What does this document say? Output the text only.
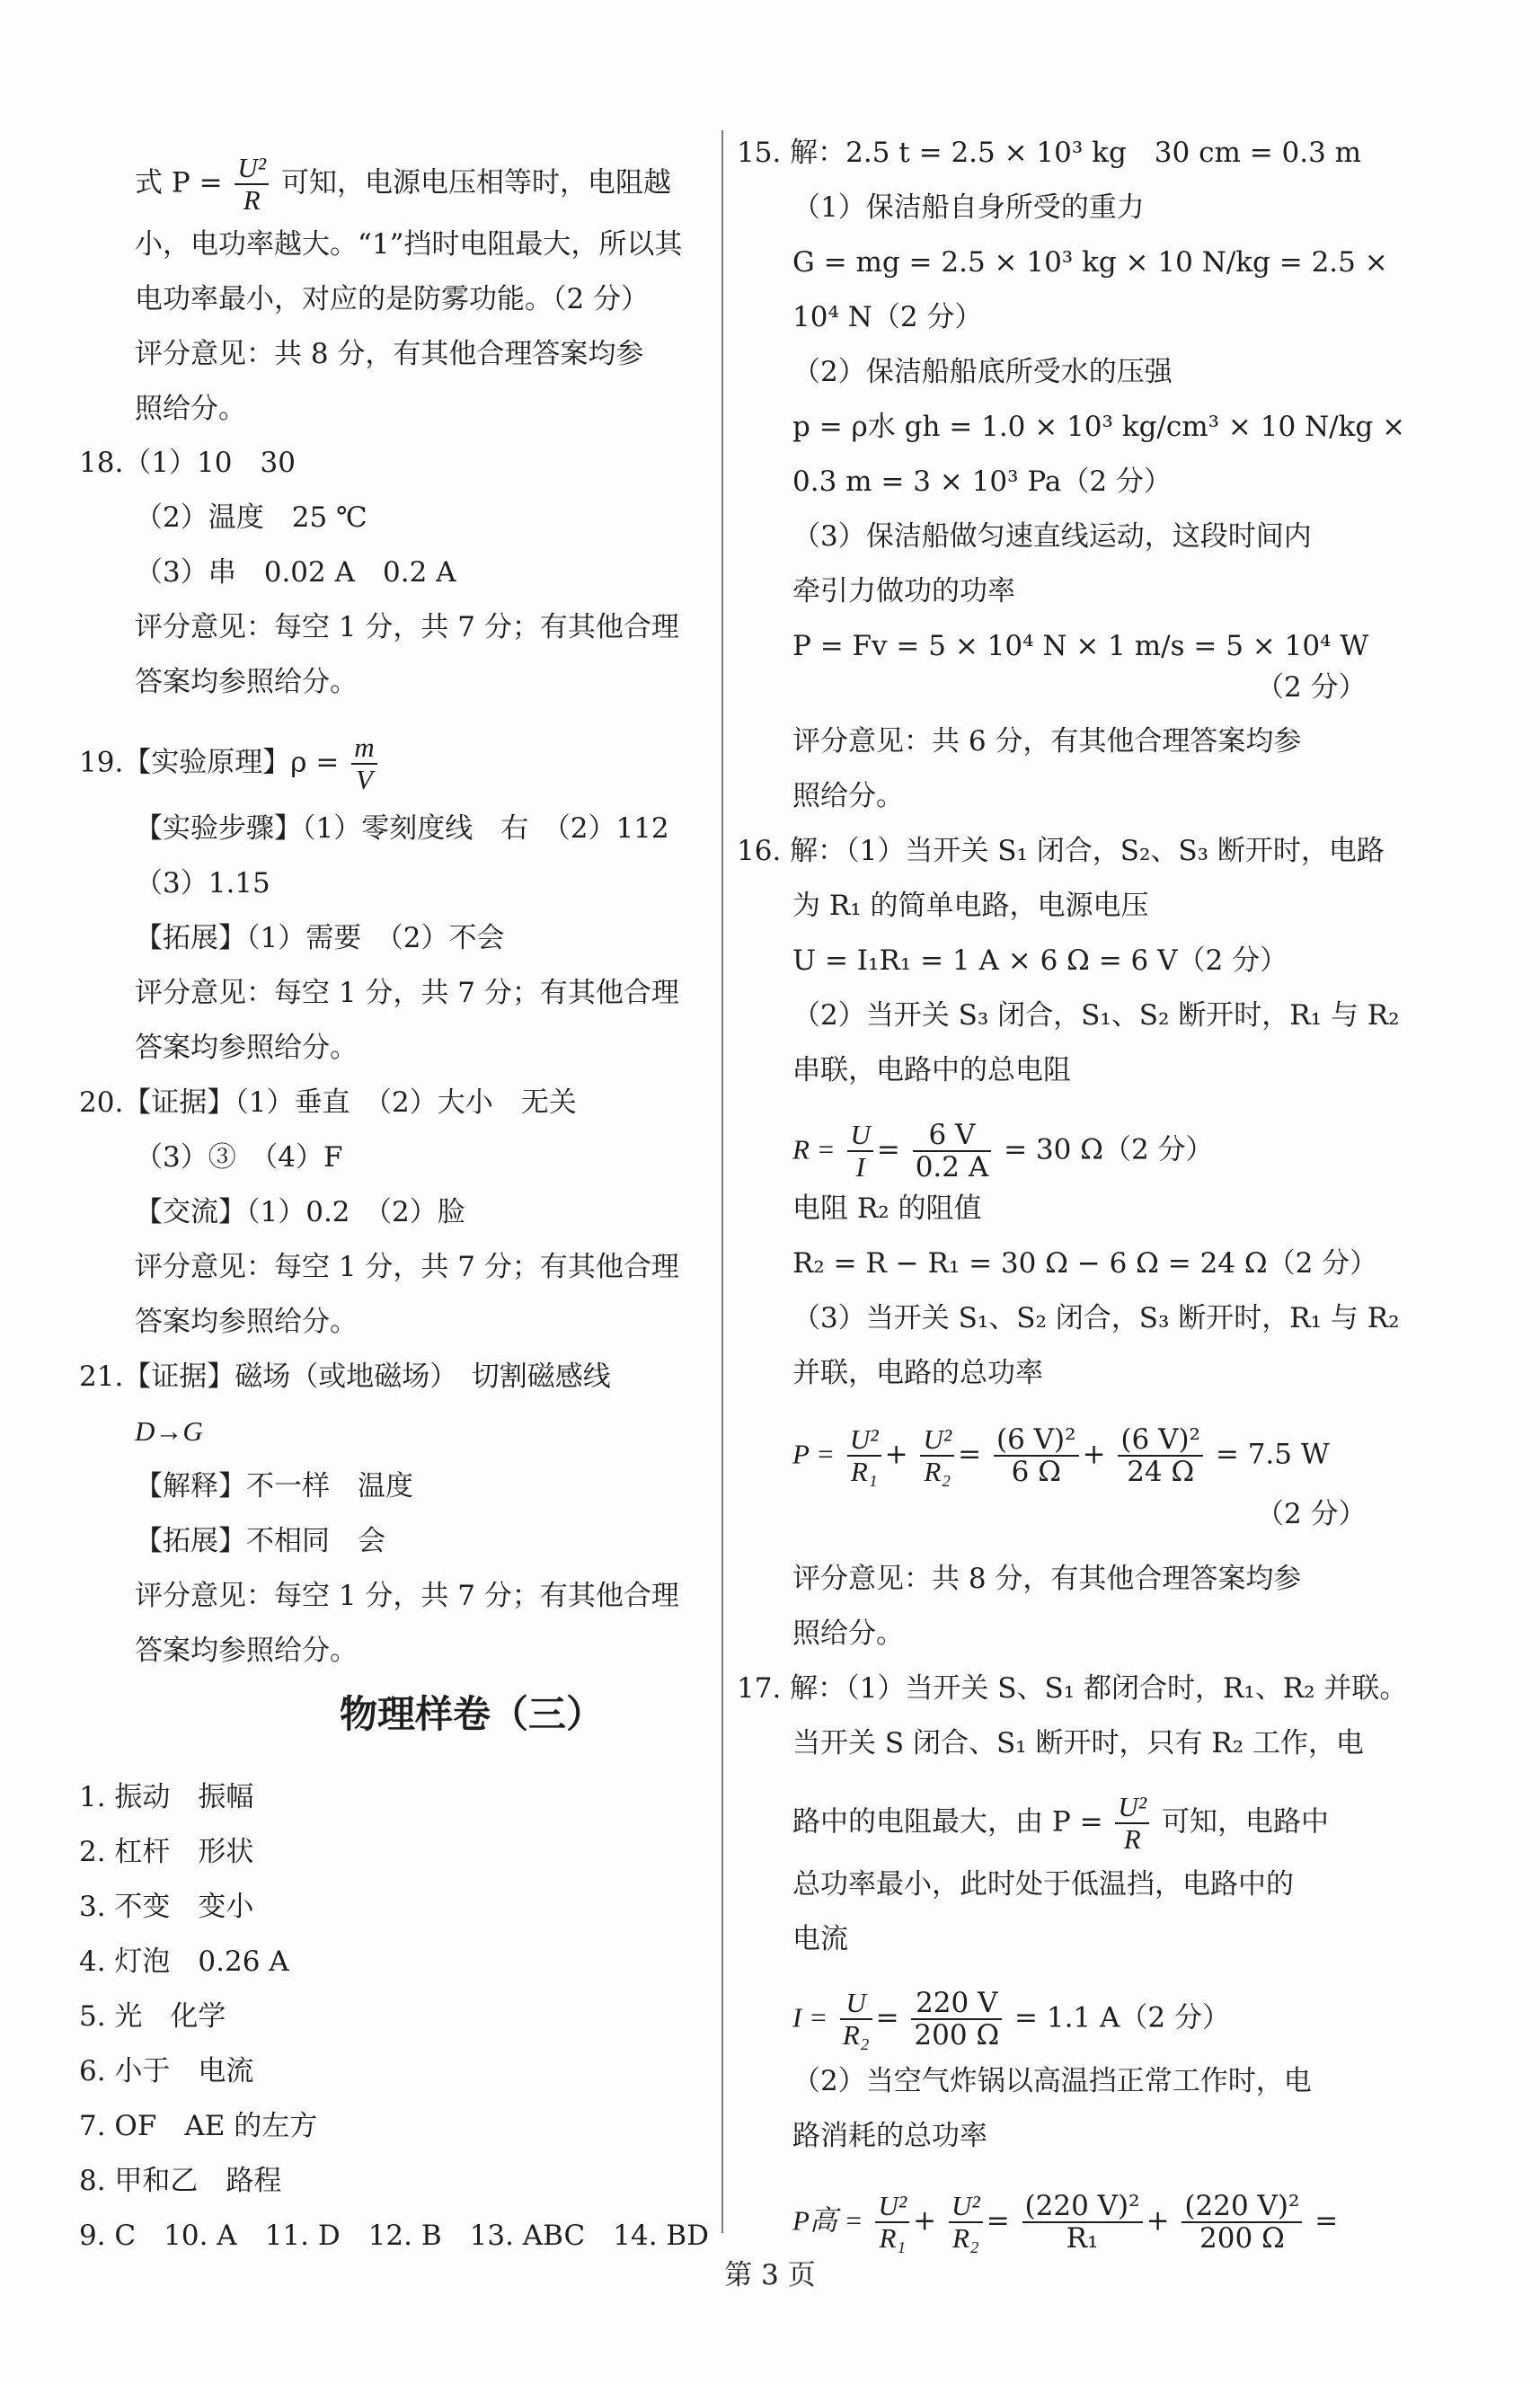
式 $P = \frac{\text{U²}}{R}$ 可知，电源电压相等时，电阻越
小，电功率越大。“1”挡时电阻最大，所以其
电功率最小，对应的是防雾功能。（2 分）
评分意见：共 8 分，有其他合理答案均参
照给分。
18.（1）10　30
（2）温度　25 ℃
（3）串　0.02 A　0.2 A
评分意见：每空 1 分，共 7 分；有其他合理
答案均参照给分。
19.【实验原理】$\rho = \frac{m}{V}$
【实验步骤】（1）零刻度线　右　（2）112
（3）1.15
【拓展】（1）需要　（2）不会
评分意见：每空 1 分，共 7 分；有其他合理
答案均参照给分。
20.【证据】（1）垂直　（2）大小　无关
（3）③　（4）F
【交流】（1）0.2　（2）脸
评分意见：每空 1 分，共 7 分；有其他合理
答案均参照给分。
21.【证据】磁场（或地磁场）　切割磁感线
D→G
【解释】不一样　温度
【拓展】不相同　会
评分意见：每空 1 分，共 7 分；有其他合理
答案均参照给分。
物理样卷（三）
1. 振动　振幅
2. 杠杆　形状
3. 不变　变小
4. 灯泡　0.26 A
5. 光　化学
6. 小于　电流
7. OF　AE 的左方
8. 甲和乙　路程
9. C　10. A　11. D　12. B　13. ABC　14. BD
15. 解：2.5 t = 2.5 × 10³ kg　30 cm = 0.3 m
（1）保洁船自身所受的重力
G = mg = 2.5 × 10³ kg × 10 N/kg = 2.5 ×
10⁴ N（2 分）
（2）保洁船船底所受水的压强
p = ρ水 gh = 1.0 × 10³ kg/cm³ × 10 N/kg ×
0.3 m = 3 × 10³ Pa（2 分）
（3）保洁船做匀速直线运动，这段时间内
牵引力做功的功率
P = Fv = 5 × 10⁴ N × 1 m/s = 5 × 10⁴ W
（2 分）
评分意见：共 6 分，有其他合理答案均参
照给分。
16. 解：（1）当开关 S₁ 闭合，S₂、S₃ 断开时，电路
为 R₁ 的简单电路，电源电压
U = I₁R₁ = 1 A × 6 Ω = 6 V（2 分）
（2）当开关 S₃ 闭合，S₁、S₂ 断开时，R₁ 与 R₂
串联，电路中的总电阻
$R = \frac{U}{I} = \frac{6 V}{0.2 A} = 30$ Ω（2 分）
电阻 R₂ 的阻值
R₂ = R − R₁ = 30 Ω − 6 Ω = 24 Ω（2 分）
（3）当开关 S₁、S₂ 闭合，S₃ 断开时，R₁ 与 R₂
并联，电路的总功率
$P = \frac{\text{U²}}{\text{R₁}} + \frac{\text{U²}}{\text{R₂}} = \frac{\text{(6 V)²}}{6 \Omega} + \frac{\text{(6 V)²}}{24 \Omega} = 7.5$ W
（2 分）
评分意见：共 8 分，有其他合理答案均参
照给分。
17. 解：（1）当开关 S、S₁ 都闭合时，R₁、R₂ 并联。
当开关 S 闭合、S₁ 断开时，只有 R₂ 工作，电
路中的电阻最大，由 $P = \frac{\text{U²}}{R}$ 可知，电路中
总功率最小，此时处于低温挡，电路中的
电流
$I = \frac{U}{\text{R₂}} = \frac{220 V}{200 \Omega} = 1.1$ A（2 分）
（2）当空气炸锅以高温挡正常工作时，电
路消耗的总功率
P高 = $\frac{\text{U²}}{\text{R₁}} + \frac{\text{U²}}{\text{R₂}} = \frac{\text{(220 V)²}}{\text{R₁}} + \frac{\text{(220 V)²}}{200 \Omega}$ =
第 3 页
